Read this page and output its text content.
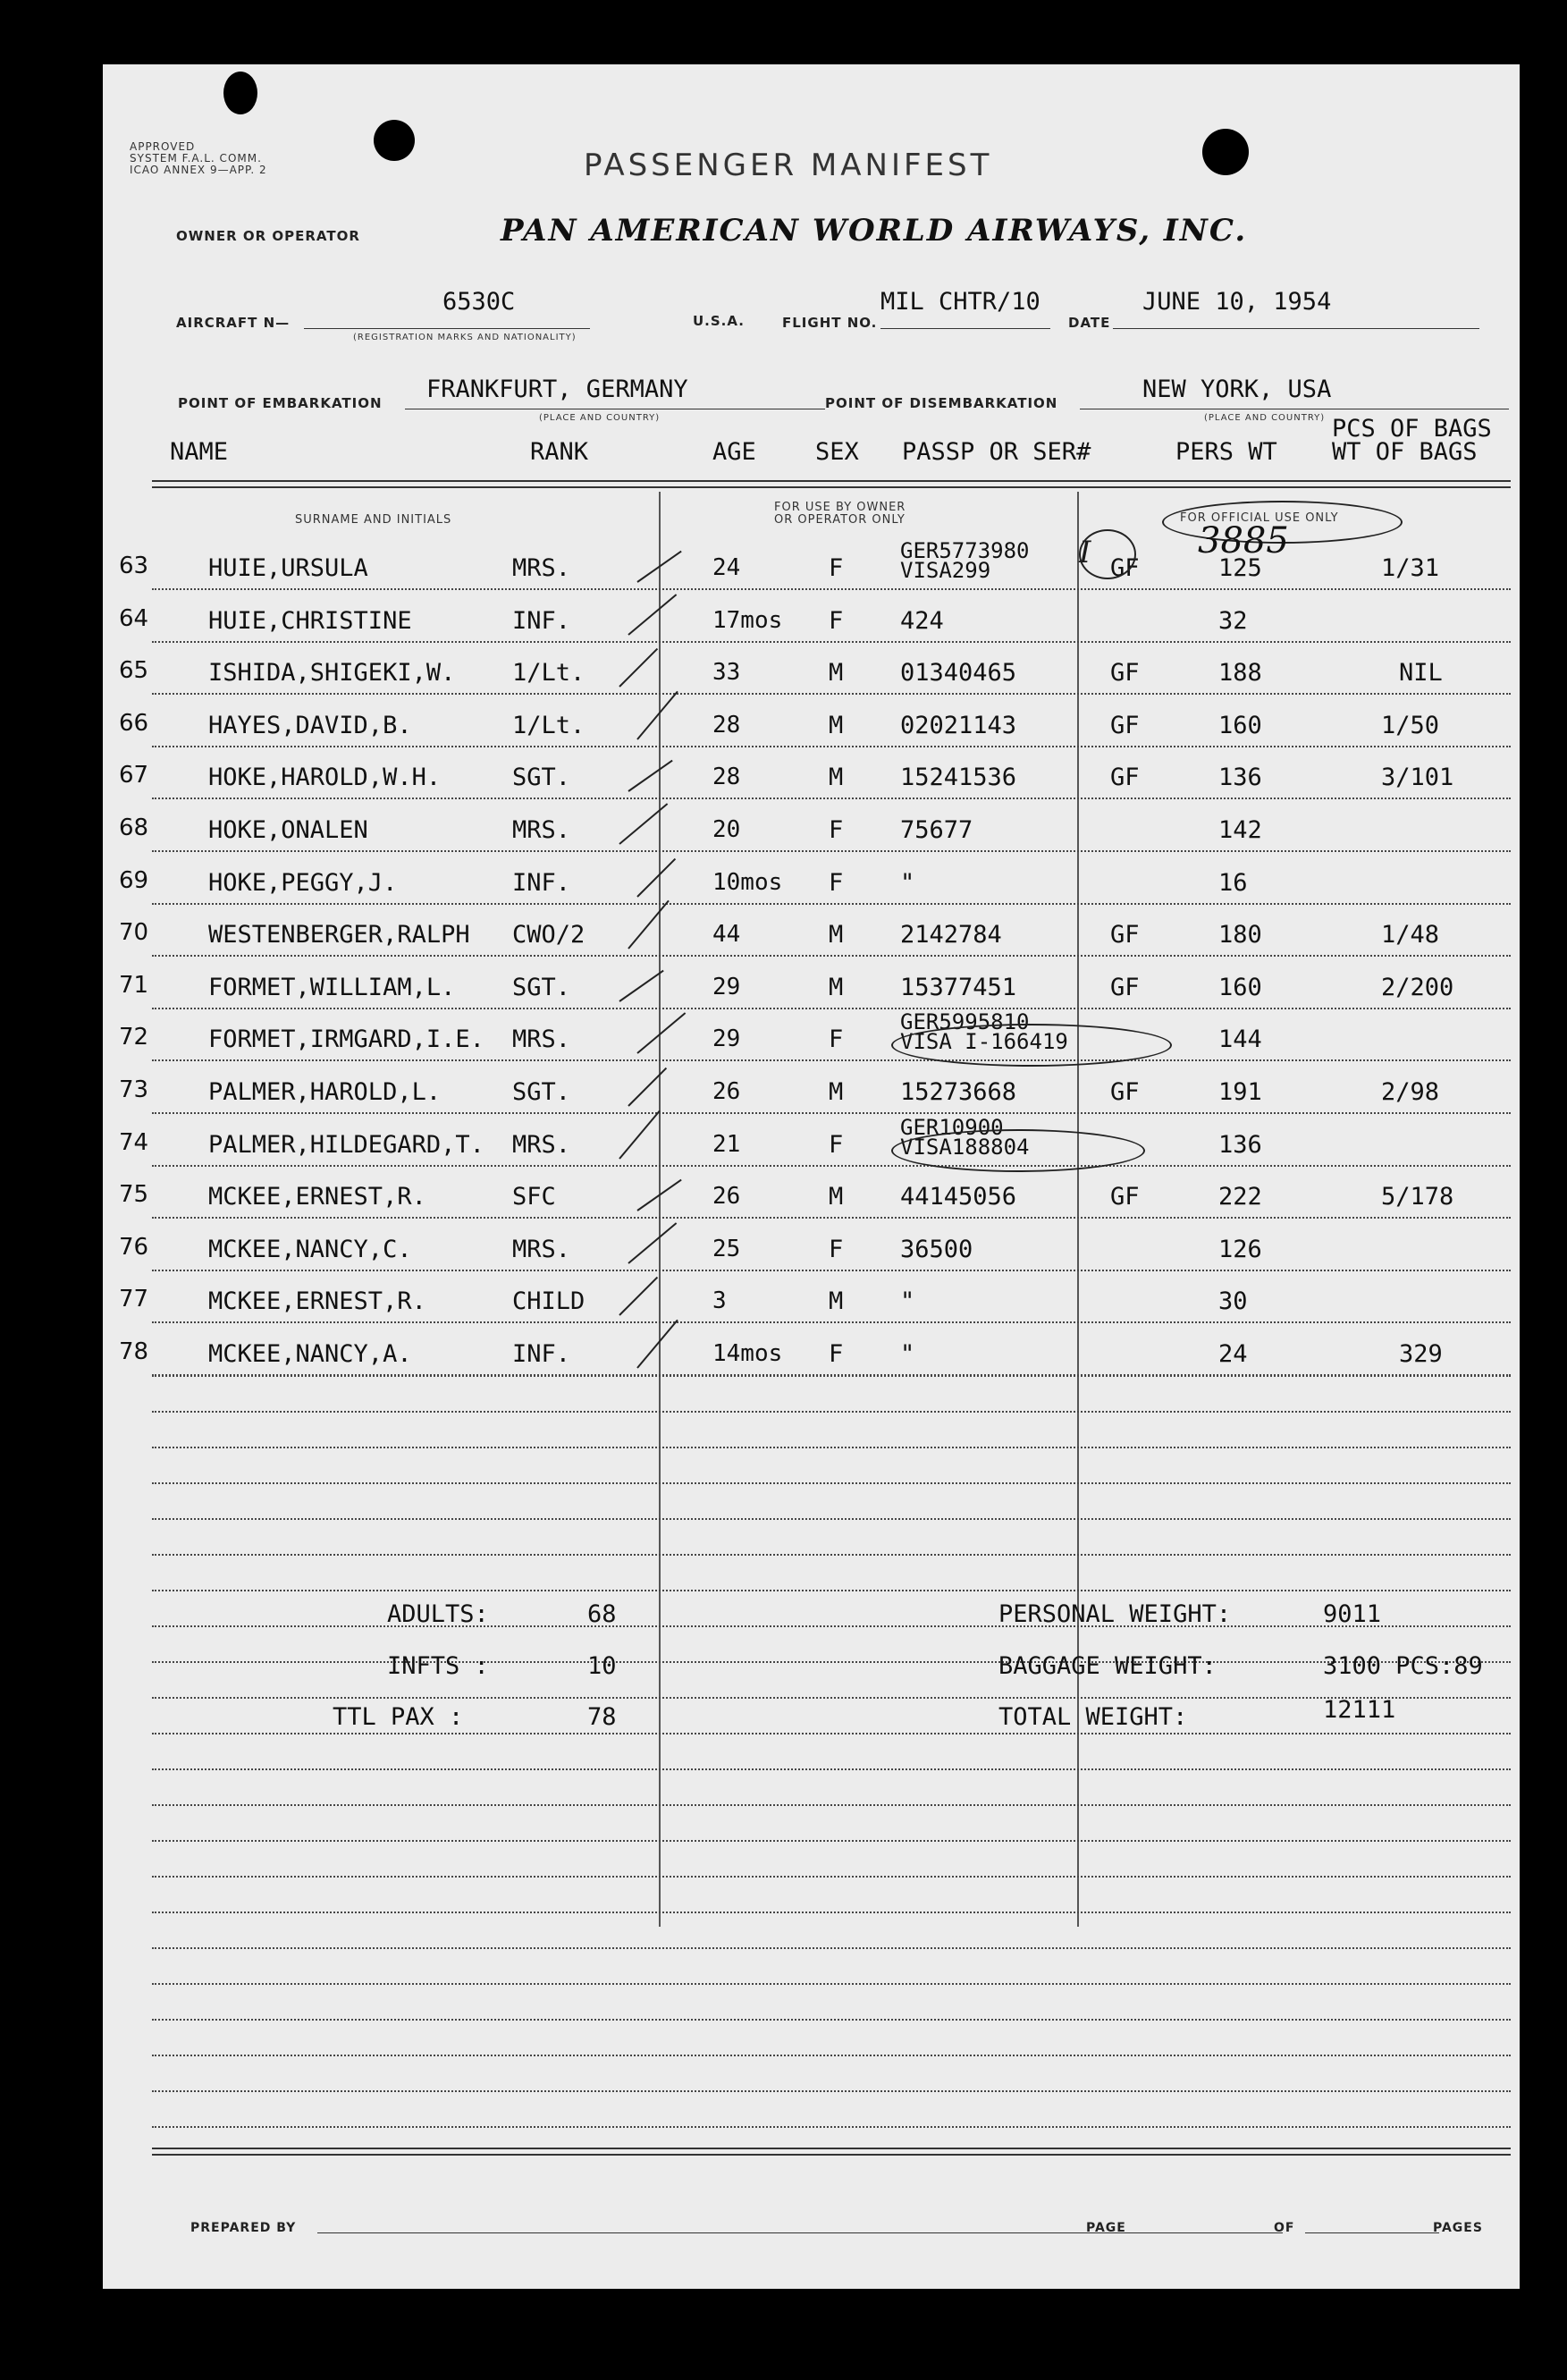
APPROVED
SYSTEM F.A.L. COMM.
ICAO ANNEX 9—APP. 2	PASSENGER MANIFEST
OWNER OR OPERATOR	PAN AMERICAN WORLD AIRWAYS, INC.
AIRCRAFT N—
6530C
(REGISTRATION MARKS AND NATIONALITY)
U.S.A.	FLIGHT NO.
MIL CHTR/10
DATE
JUNE 10, 1954
POINT OF EMBARKATION FRANKFURT, GERMANY
(PLACE AND COUNTRY)
POINT OF DISEMBARKATION	NEW YORK, USA
(PLACE AND COUNTRY)
NAME	RANK	AGE SEX PASSP OR SER#	PERS WT
PCS OF BAGS
WT OF BAGS
SURNAME AND INITIALS
FOR USE BY OWNER
OR OPERATOR ONLY	FOR OFFICIAL USE ONLY
3885
63 HUIE,URSULA	MRS.	24	F
GER5773980
VISA299	I GF	125	1/31
64 HUIE,CHRISTINE	INF.	17mos F 424	32
65 ISHIDA,SHIGEKI,W. 1/Lt.	33	M 01340465	GF	188	NIL
66 HAYES,DAVID,B.	1/Lt.	28	M 02021143	GF	160	1/50
67 HOKE,HAROLD,W.H.	SGT.	28	M 15241536	GF	136	3/101
68 HOKE,ONALEN	MRS.	20	F 75677	142
69 HOKE,PEGGY,J.	INF.	10mos F "	16
70 WESTENBERGER,RALPH CWO/2	44	M 2142784	GF	180	1/48
71 FORMET,WILLIAM,L. SGT.	29	M 15377451	GF	160	2/200
72 FORMET,IRMGARD,I.E. MRS.	29	F
GER5995810
VISA I-166419	144
73 PALMER,HAROLD,L.	SGT.	26	M 15273668	GF	191	2/98
74 PALMER,HILDEGARD,T. MRS.	21	F
GER10900
VISA188804	136
75 MCKEE,ERNEST,R.	SFC	26	M 44145056	GF	222	5/178
76 MCKEE,NANCY,C.	MRS.	25	F 36500	126
77 MCKEE,ERNEST,R.	CHILD	3	M "	30
78 MCKEE,NANCY,A.	INF.	14mos F "	24	329
ADULTS:	68
INFTS :	10
TTL PAX :	78
PERSONAL WEIGHT:	9011
BAGGAGE WEIGHT:	3100 PCS:89
TOTAL WEIGHT:	12111
PREPARED BY	PAGE	OF	PAGES
